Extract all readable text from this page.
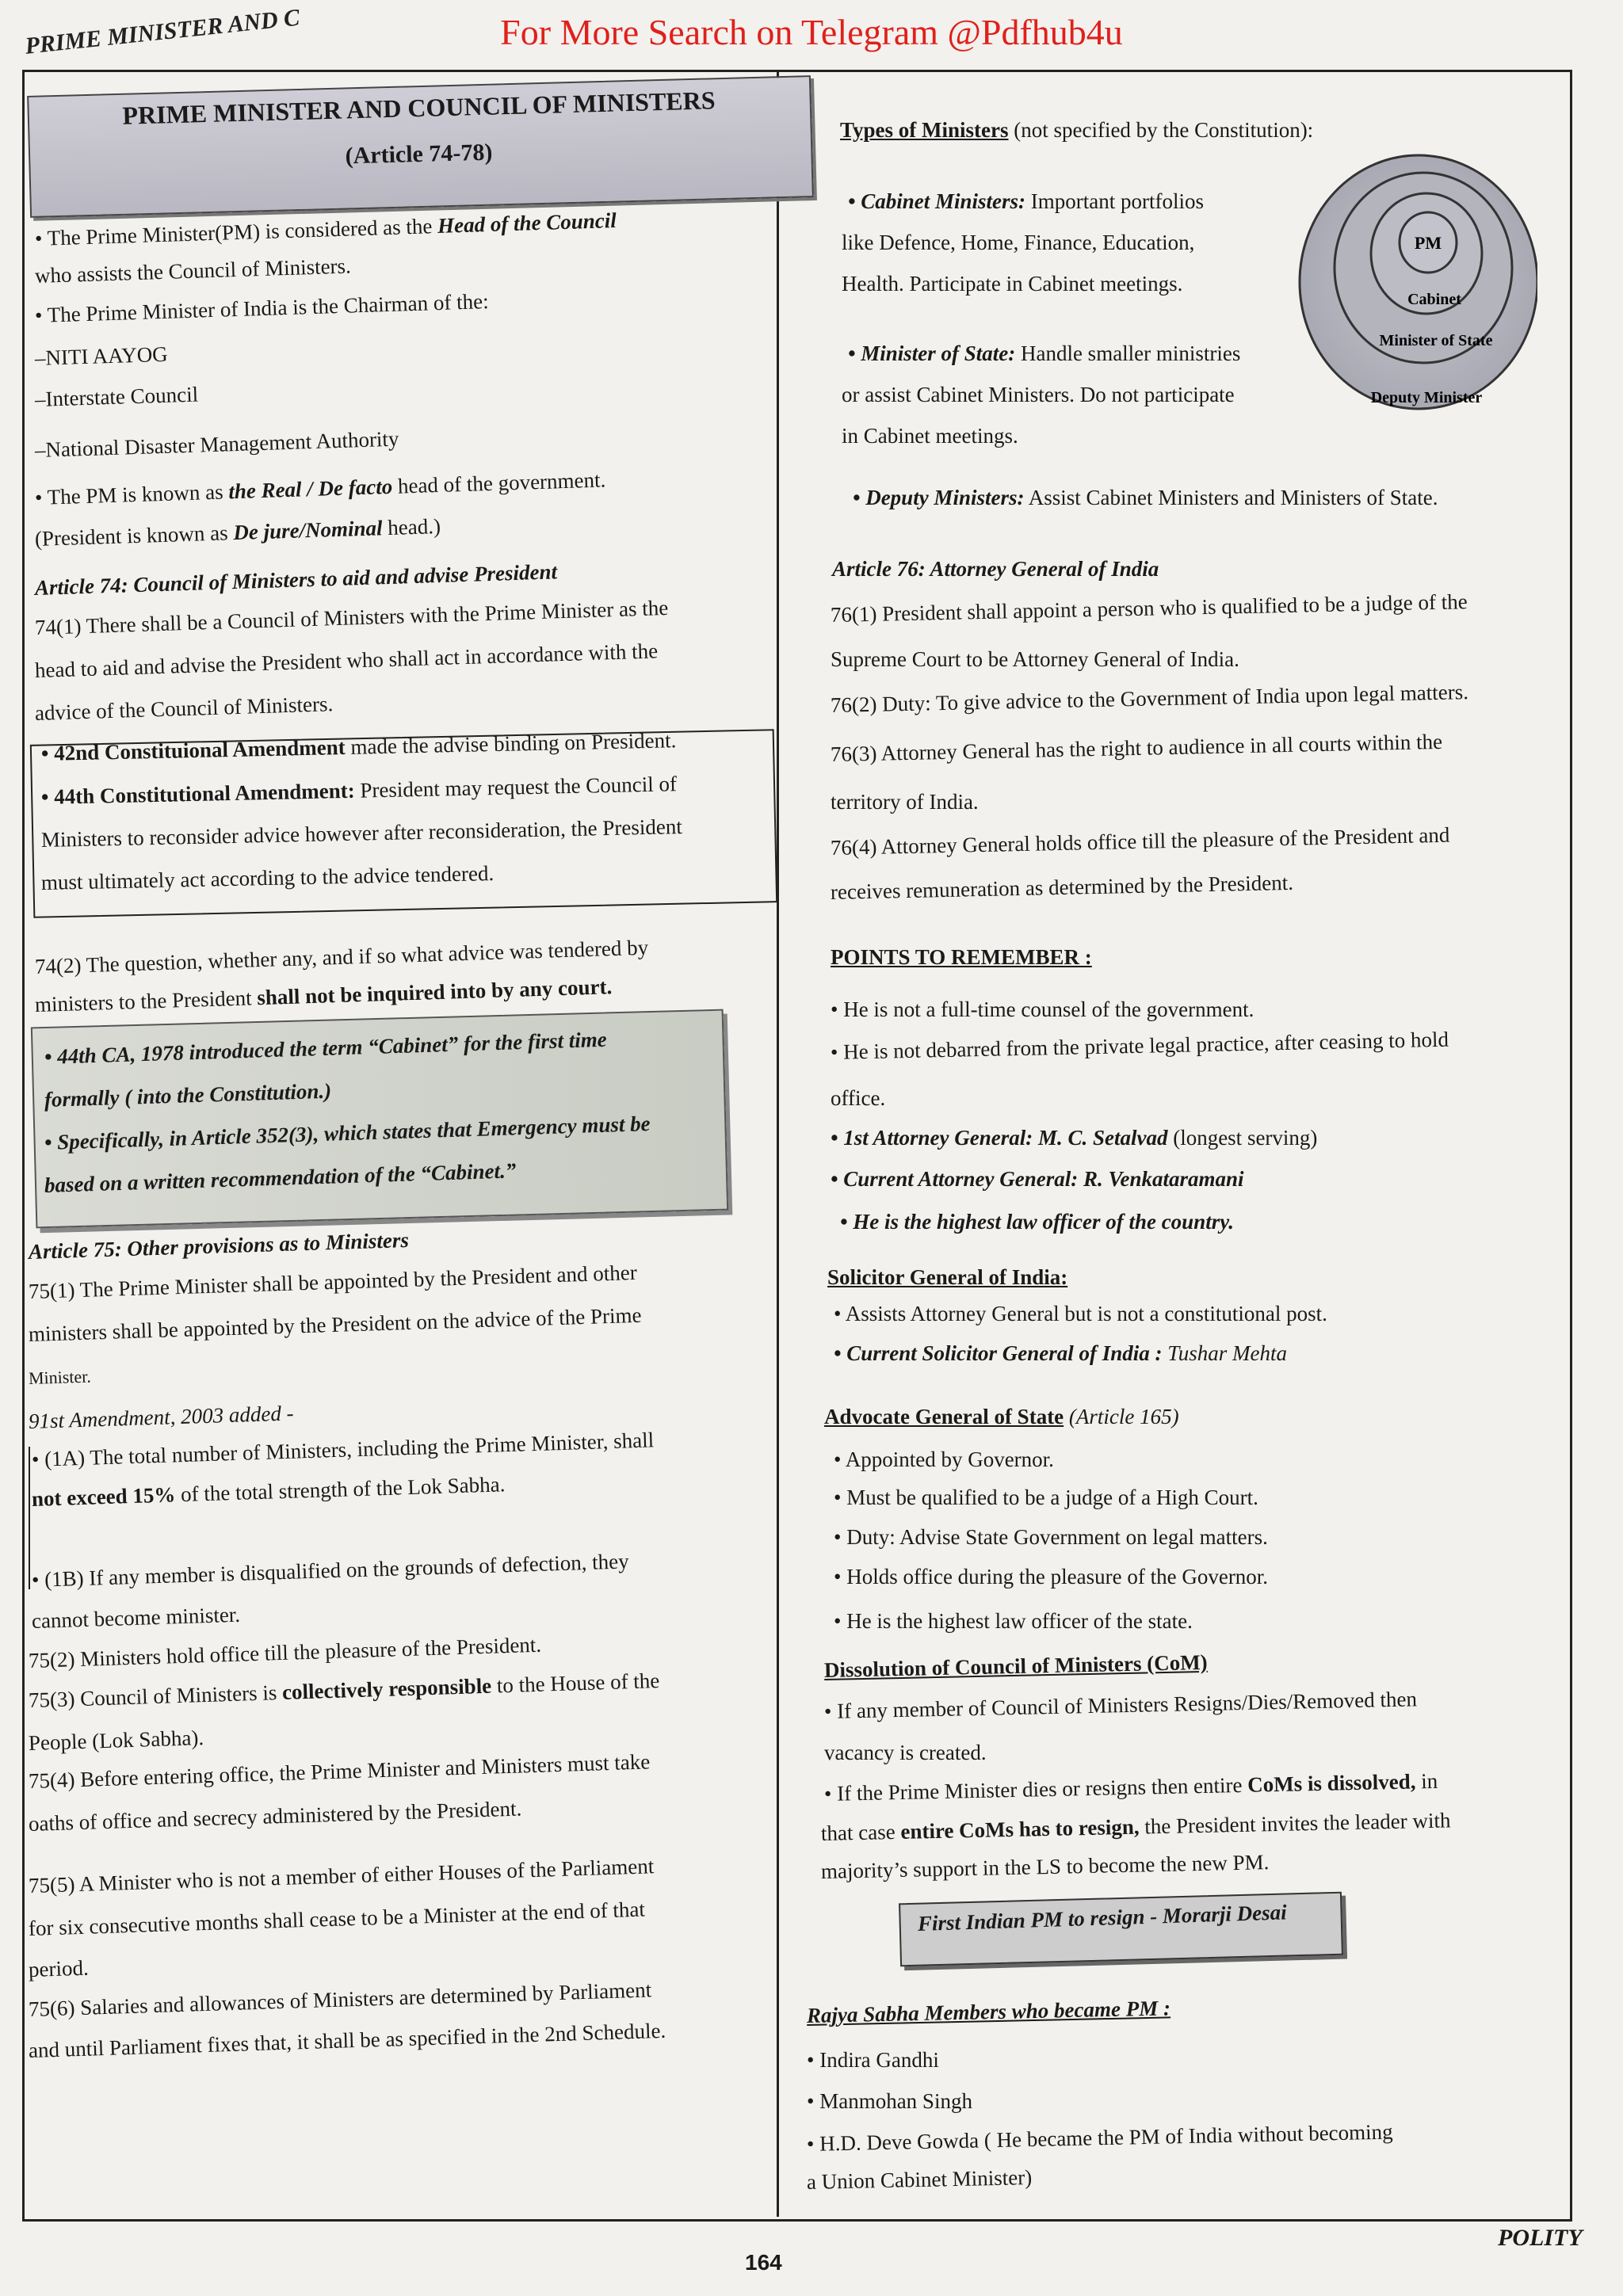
For More Search on Telegram @Pdfhub4u
PRIME MINISTER AND C
PRIME MINISTER AND COUNCIL OF MINISTERS
(Article 74-78)
• The Prime Minister(PM) is considered as the Head of the Council
who assists the Council of Ministers.
• The Prime Minister of India is the Chairman of the:
–NITI AAYOG
–Interstate Council
–National Disaster Management Authority
• The PM is known as the Real / De facto head of the government.
(President is known as De jure/Nominal head.)
Article 74: Council of Ministers to aid and advise President
74(1) There shall be a Council of Ministers with the Prime Minister as the
head to aid and advise the President who shall act in accordance with the
advice of the Council of Ministers.
• 42nd Constituional Amendment made the advise binding on President.
• 44th Constitutional Amendment: President may request the Council of
Ministers to reconsider advice however after reconsideration, the President
must ultimately act according to the advice tendered.
74(2) The question, whether any, and if so what advice was tendered by
ministers to the President shall not be inquired into by any court.
• 44th CA, 1978 introduced the term “Cabinet” for the first time
formally ( into the Constitution.)
• Specifically, in Article 352(3), which states that Emergency must be
based on a written recommendation of the “Cabinet.”
Article 75: Other provisions as to Ministers
75(1) The Prime Minister shall be appointed by the President and other
ministers shall be appointed by the President on the advice of the Prime
Minister.
91st Amendment, 2003 added -
• (1A) The total number of Ministers, including the Prime Minister, shall
not exceed 15% of the total strength of the Lok Sabha.
• (1B) If any member is disqualified on the grounds of defection, they
cannot become minister.
75(2) Ministers hold office till the pleasure of the President.
75(3) Council of Ministers is collectively responsible to the House of the
People (Lok Sabha).
75(4) Before entering office, the Prime Minister and Ministers must take
oaths of office and secrecy administered by the President.
75(5) A Minister who is not a member of either Houses of the Parliament
for six consecutive months shall cease to be a Minister at the end of that
period.
75(6) Salaries and allowances of Ministers are determined by Parliament
and until Parliament fixes that, it shall be as specified in the 2nd Schedule.
Types of Ministers (not specified by the Constitution):
• Cabinet Ministers: Important portfolios
like Defence, Home, Finance, Education,
Health. Participate in Cabinet meetings.
• Minister of State: Handle smaller ministries
or assist Cabinet Ministers. Do not participate
in Cabinet meetings.
• Deputy Ministers: Assist Cabinet Ministers and Ministers of State.
PM
Cabinet
Minister of State
Deputy Minister
Article 76: Attorney General of India
76(1) President shall appoint a person who is qualified to be a judge of the
Supreme Court to be Attorney General of India.
76(2) Duty: To give advice to the Government of India upon legal matters.
76(3) Attorney General has the right to audience in all courts within the
territory of India.
76(4) Attorney General holds office till the pleasure of the President and
receives remuneration as determined by the President.
POINTS TO REMEMBER :
• He is not a full-time counsel of the government.
• He is not debarred from the private legal practice, after ceasing to hold
office.
• 1st Attorney General: M. C. Setalvad (longest serving)
• Current Attorney General: R. Venkataramani
• He is the highest law officer of the country.
Solicitor General of India:
• Assists Attorney General but is not a constitutional post.
• Current Solicitor General of India : Tushar Mehta
Advocate General of State (Article 165)
• Appointed by Governor.
• Must be qualified to be a judge of a High Court.
• Duty: Advise State Government on legal matters.
• Holds office during the pleasure of the Governor.
• He is the highest law officer of the state.
Dissolution of Council of Ministers (CoM)
• If any member of Council of Ministers Resigns/Dies/Removed then
vacancy is created.
• If the Prime Minister dies or resigns then entire CoMs is dissolved, in
that case entire CoMs has to resign, the President invites the leader with
majority’s support in the LS to become the new PM.
First Indian PM to resign - Morarji Desai
Rajya Sabha Members who became PM :
• Indira Gandhi
• Manmohan Singh
• H.D. Deve Gowda ( He became the PM of India without becoming
a Union Cabinet Minister)
164
POLITY
